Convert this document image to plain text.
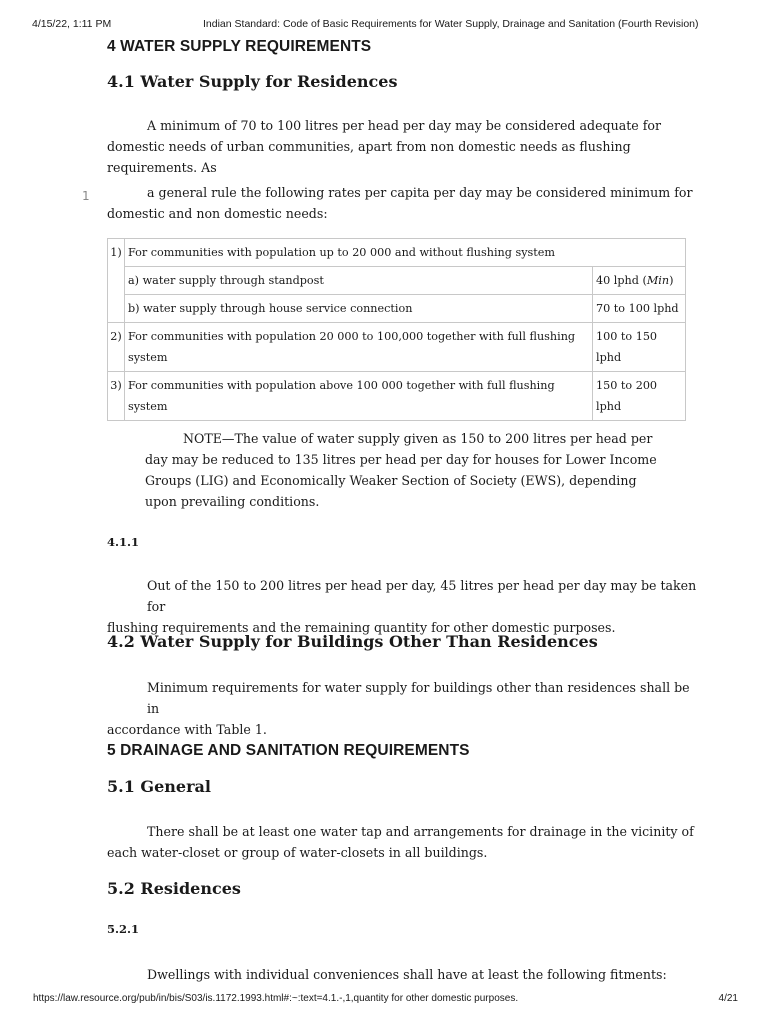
4/15/22, 1:11 PM	Indian Standard: Code of Basic Requirements for Water Supply, Drainage and Sanitation (Fourth Revision)
4 WATER SUPPLY REQUIREMENTS
4.1 Water Supply for Residences
A minimum of 70 to 100 litres per head per day may be considered adequate for
domestic needs of urban communities, apart from non domestic needs as flushing
requirements. As
1	a general rule the following rates per capita per day may be considered minimum for
domestic and non domestic needs:
1)	For communities with population up to 20 000 and without flushing system	
	a) water supply through standpost	40 lphd (Min)
	b) water supply through house service connection	70 to 100 lphd
2)	For communities with population 20 000 to 100,000 together with full flushing system	100 to 150 lphd
3)	For communities with population above 100 000 together with full flushing system	150 to 200 lphd
NOTE—The value of water supply given as 150 to 200 litres per head per
day may be reduced to 135 litres per head per day for houses for Lower Income
Groups (LIG) and Economically Weaker Section of Society (EWS), depending
upon prevailing conditions.
4.1.1
Out of the 150 to 200 litres per head per day, 45 litres per head per day may be taken for
flushing requirements and the remaining quantity for other domestic purposes.
4.2 Water Supply for Buildings Other Than Residences
Minimum requirements for water supply for buildings other than residences shall be in
accordance with Table 1.
5 DRAINAGE AND SANITATION REQUIREMENTS
5.1 General
There shall be at least one water tap and arrangements for drainage in the vicinity of
each water-closet or group of water-closets in all buildings.
5.2 Residences
5.2.1
Dwellings with individual conveniences shall have at least the following fitments:
https://law.resource.org/pub/in/bis/S03/is.1172.1993.html#:~:text=4.1.-,1,quantity for other domestic purposes.	4/21
